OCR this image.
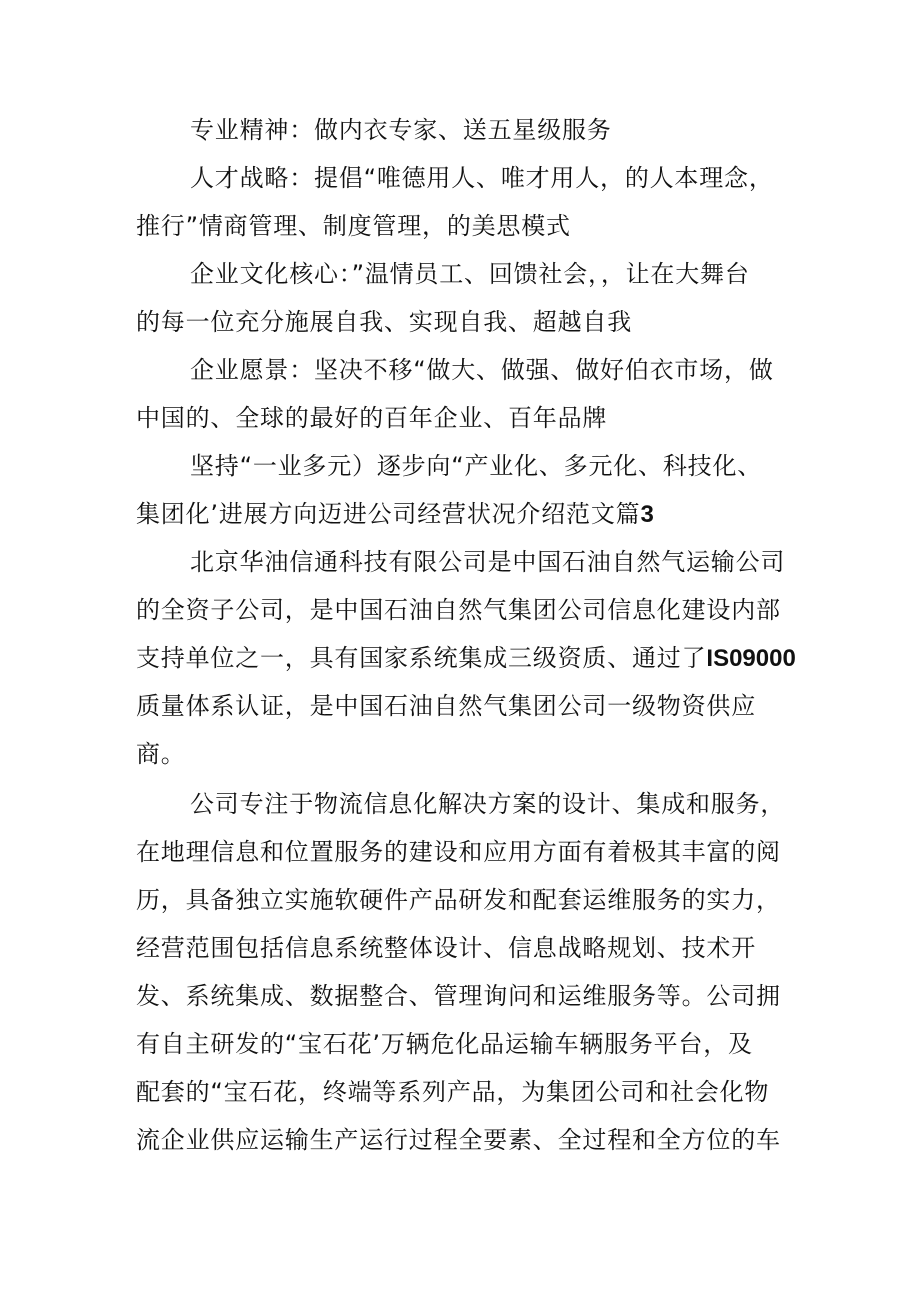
专业精神：做内衣专家、送五星级服务
人才战略：提倡“唯德用人、唯才用人，的人本理念，
推行”情商管理、制度管理，的美思模式
企业文化核心：”温情员工、回馈社会，，让在大舞台
的每一位充分施展自我、实现自我、超越自我
企业愿景：坚决不移“做大、做强、做好伯衣市场，做
中国的、全球的最好的百年企业、百年品牌
坚持“一业多元）逐步向“产业化、多元化、科技化、
集团化’进展方向迈进公司经营状况介绍范文篇3
北京华油信通科技有限公司是中国石油自然气运输公司
的全资子公司，是中国石油自然气集团公司信息化建设内部
支持单位之一，具有国家系统集成三级资质、通过了IS09000
质量体系认证，是中国石油自然气集团公司一级物资供应
商。
公司专注于物流信息化解决方案的设计、集成和服务，
在地理信息和位置服务的建设和应用方面有着极其丰富的阅
历，具备独立实施软硬件产品研发和配套运维服务的实力，
经营范围包括信息系统整体设计、信息战略规划、技术开
发、系统集成、数据整合、管理询问和运维服务等。公司拥
有自主研发的“宝石花’万辆危化品运输车辆服务平台，及
配套的“宝石花，终端等系列产品，为集团公司和社会化物
流企业供应运输生产运行过程全要素、全过程和全方位的车
